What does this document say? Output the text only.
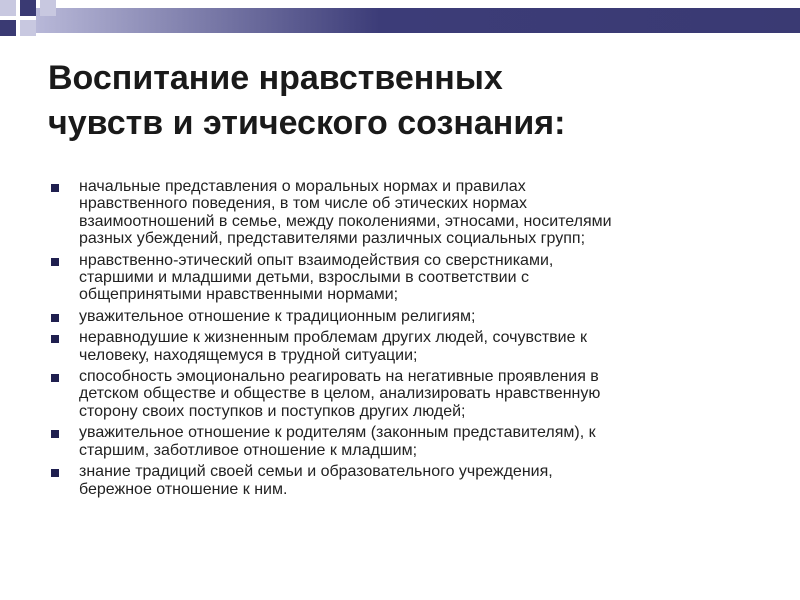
Воспитание нравственных
чувств и этического сознания:
начальные представления о моральных нормах и правилах
нравственного поведения, в том числе об этических нормах
взаимоотношений в семье, между поколениями, этносами, носителями
разных убеждений, представителями различных социальных групп;
нравственно-этический опыт взаимодействия со сверстниками,
старшими и младшими детьми, взрослыми в соответствии с
общепринятыми нравственными нормами;
уважительное отношение к традиционным религиям;
неравнодушие к жизненным проблемам других людей, сочувствие к
человеку, находящемуся в трудной ситуации;
способность эмоционально реагировать на негативные проявления в
детском обществе и обществе в целом, анализировать нравственную
сторону своих поступков и поступков других людей;
уважительное отношение к родителям (законным представителям), к
старшим, заботливое отношение к младшим;
знание традиций своей семьи и образовательного учреждения,
бережное отношение к ним.
